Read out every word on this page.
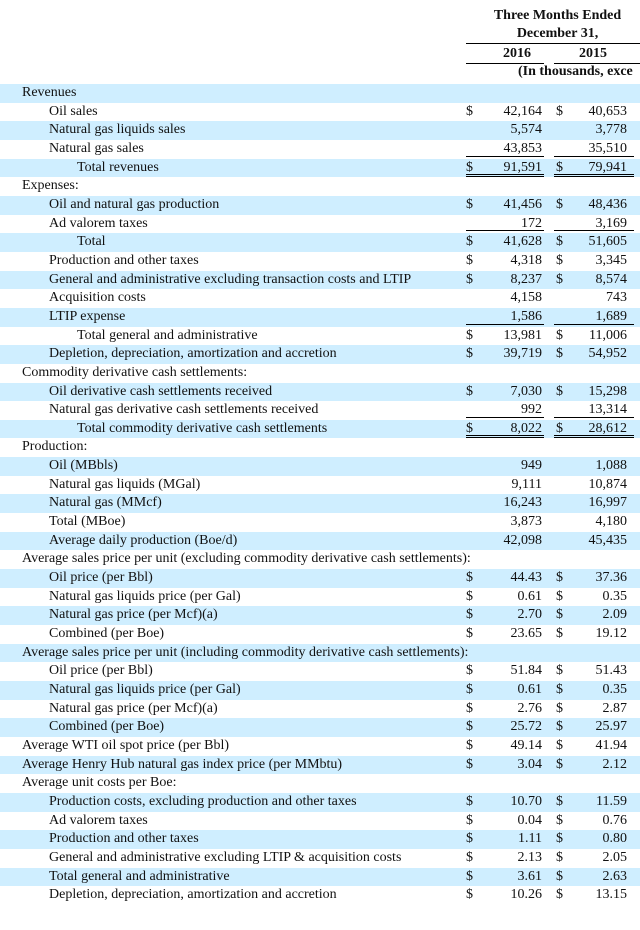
Three Months Ended
December 31,
2016	2015
(In thousands, exce
Revenues
Oil sales	$	42,164 $	40,653
Natural gas liquids sales	5,574	3,778
Natural gas sales	43,853	35,510
Total revenues	$	91,591 $	79,941
Expenses:
Oil and natural gas production	$	41,456 $	48,436
Ad valorem taxes	172	3,169
Total	$	41,628 $	51,605
Production and other taxes	$	4,318 $	3,345
General and administrative excluding transaction costs and LTIP	$	8,237 $	8,574
Acquisition costs	4,158	743
LTIP expense	1,586	1,689
Total general and administrative	$	13,981 $	11,006
Depletion, depreciation, amortization and accretion	$	39,719 $	54,952
Commodity derivative cash settlements:
Oil derivative cash settlements received	$	7,030 $	15,298
Natural gas derivative cash settlements received	992	13,314
Total commodity derivative cash settlements	$	8,022 $	28,612
Production:
Oil (MBbls)	949	1,088
Natural gas liquids (MGal)	9,111	10,874
Natural gas (MMcf)	16,243	16,997
Total (MBoe)	3,873	4,180
Average daily production (Boe/d)	42,098	45,435
Average sales price per unit (excluding commodity derivative cash settlements):
Oil price (per Bbl)	$	44.43 $	37.36
Natural gas liquids price (per Gal)	$	0.61 $	0.35
Natural gas price (per Mcf)(a)	$	2.70 $	2.09
Combined (per Boe)	$	23.65 $	19.12
Average sales price per unit (including commodity derivative cash settlements):
Oil price (per Bbl)	$	51.84 $	51.43
Natural gas liquids price (per Gal)	$	0.61 $	0.35
Natural gas price (per Mcf)(a)	$	2.76 $	2.87
Combined (per Boe)	$	25.72 $	25.97
Average WTI oil spot price (per Bbl)	$	49.14 $	41.94
Average Henry Hub natural gas index price (per MMbtu)	$	3.04 $	2.12
Average unit costs per Boe:
Production costs, excluding production and other taxes	$	10.70 $	11.59
Ad valorem taxes	$	0.04 $	0.76
Production and other taxes	$	1.11 $	0.80
General and administrative excluding LTIP & acquisition costs	$	2.13 $	2.05
Total general and administrative	$	3.61 $	2.63
Depletion, depreciation, amortization and accretion	$	10.26 $	13.15
